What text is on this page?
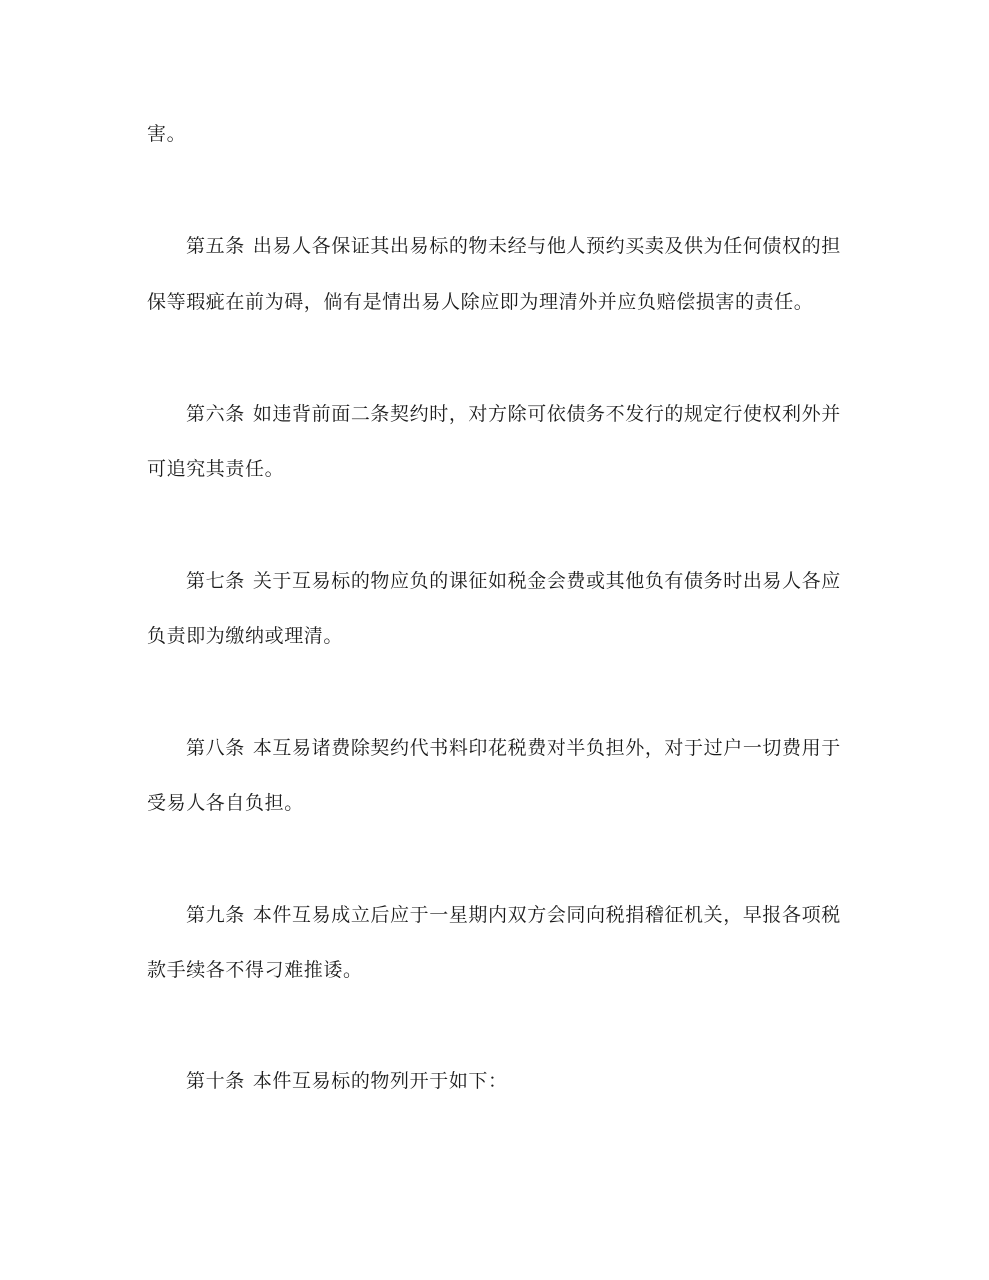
害。
第五条 出易人各保证其出易标的物未经与他人预约买卖及供为任何债权的担
保等瑕疵在前为碍，倘有是情出易人除应即为理清外并应负赔偿损害的责任。
第六条 如违背前面二条契约时，对方除可依债务不发行的规定行使权利外并
可追究其责任。
第七条 关于互易标的物应负的课征如税金会费或其他负有债务时出易人各应
负责即为缴纳或理清。
第八条 本互易诸费除契约代书料印花税费对半负担外，对于过户一切费用于
受易人各自负担。
第九条 本件互易成立后应于一星期内双方会同向税捐稽征机关，早报各项税
款手续各不得刁难推诿。
第十条 本件互易标的物列开于如下：
